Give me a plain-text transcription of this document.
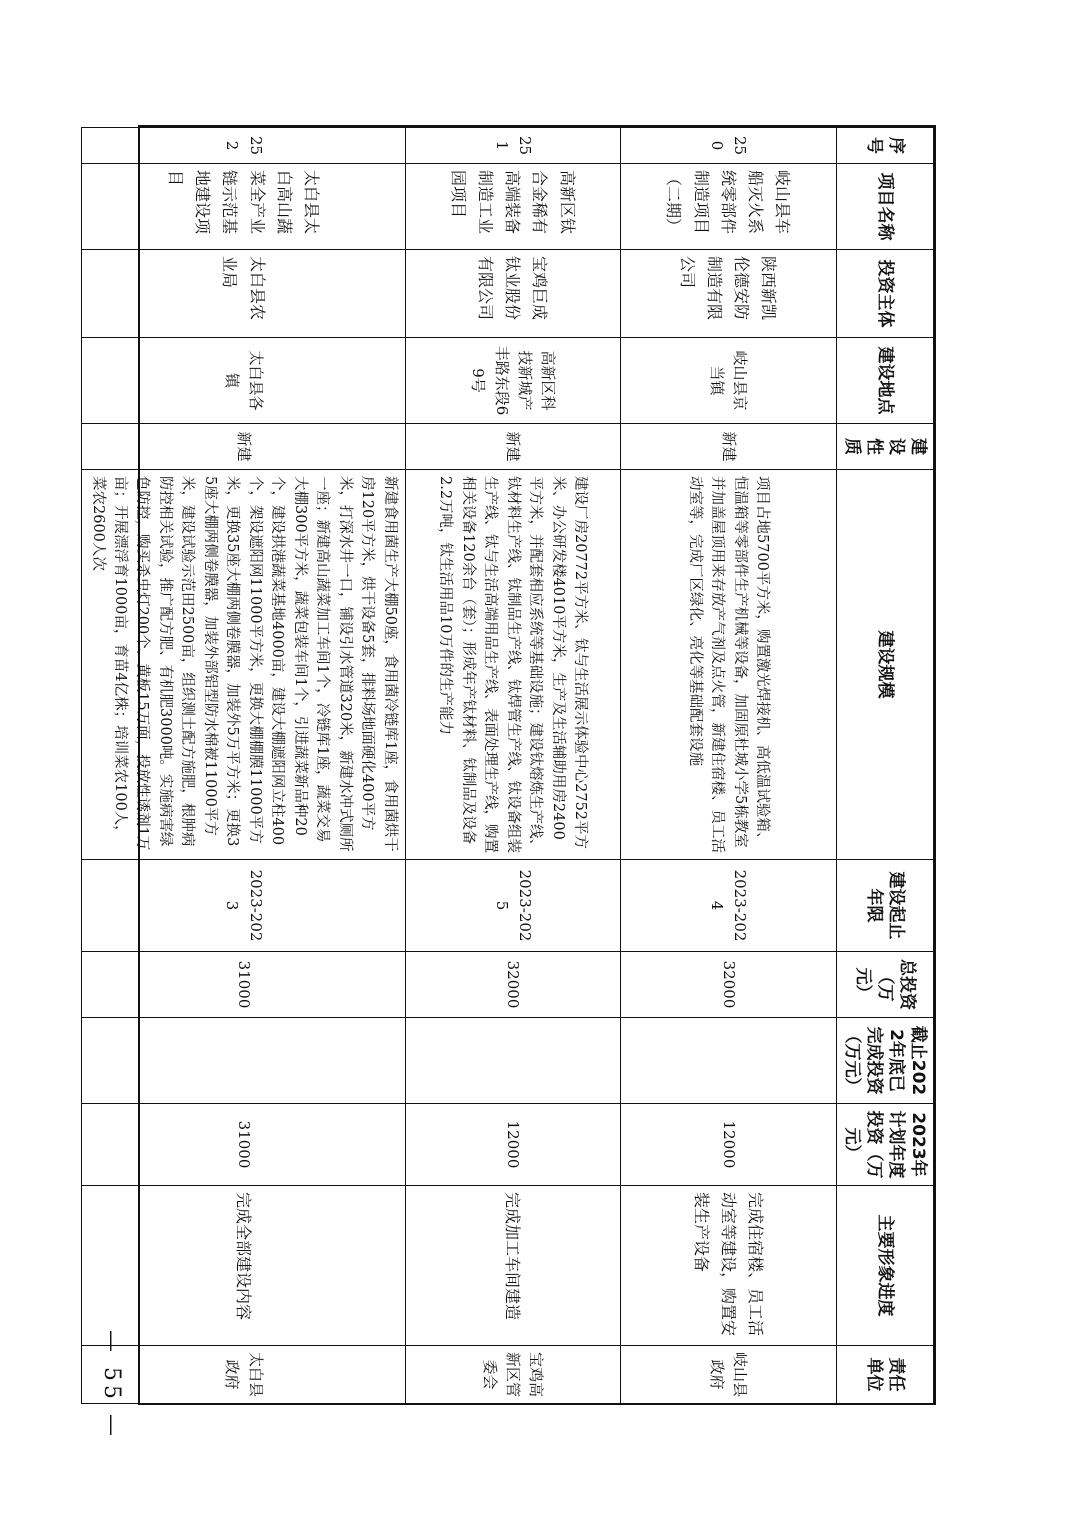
序号	项目名称	投资主体	建设地点	建设性质	建设规模	建设起止年限	总投资（万元）	截止2022年底已完成投资（万元）	2023年计划年度投资（万元）	主要形象进度	责任单位
250	岐山县车船灭火系统零部件制造项目（二期）	陕西新凯伦德安防制造有限公司	岐山县京当镇	新建	项目占地5700平方米，购置激光焊接机、高低温试验箱、恒温箱等零部件生产机械等设备，加固原杜城小学5栋教室并加盖屋顶用来存放产气剂及点火管，新建住宿楼、员工活动室等，完成厂区绿化、亮化等基础配套设施	2023-2024	32000		12000	完成住宿楼、员工活动室等建设，购置安装生产设备	岐山县政府
251	高新区钛合金稀有高端装备制造工业园项目	宝鸡巨成钛业股份有限公司	高新区科技新城产丰路东段69号	新建	建设厂房20772平方米、钛与生活展示体验中心2752平方米、办公研发楼4010平方米，生产及生活辅助用房2400平方米，并配套相应系统等基础设施；建设钛熔炼生产线、钛材料生产线、钛制品生产线、钛焊管生产线、钛设备组装生产线、钛与生活高端用品生产线、表面处理生产线，购置相关设备120余台（套）；形成年产钛材料、钛制品及设备2.2万吨，钛生活用品10万件的生产能力	2023-2025	32000		12000	完成加工车间建造	宝鸡高新区管委会
252	太白县太白高山蔬菜全产业链示范基地建设项目	太白县农业局	太白县各镇	新建	新建食用菌生产大棚50座，食用菌冷链库1座，食用菌烘干房120平方米，烘干设备5套，排料场地面硬化400平方米，打深水井一口，铺设引水管道320米，新建水冲式厕所一座；新建高山蔬菜加工车间1个，冷链库1座，蔬菜交易大棚300平方米，蔬菜包装车间1个，引进蔬菜新品种20个，建设拱港蔬菜基地4000亩，建设大棚遮阳网立柱400个，架设遮阳网11000平方米，更换大棚棚膜11000平方米，更换35座大棚两侧卷膜器，加装外5万平方米；更换35座大棚两侧卷膜器，加装外部铝型防水棉被11000平方米，建设试验示范田2500亩，组织测土配方施肥，根肿病防控相关试验，推广配方肥、有机肥3000吨。实施病害绿色防控，购买杀虫灯200个、黄板15万面，投放性诱剂1万亩；开展漂浮育1000亩，育苗4亿株；培训菜农100人，菜农2600人次	2023-2023	31000		31000	完成全部建设内容	太白县政府
— 55 —
